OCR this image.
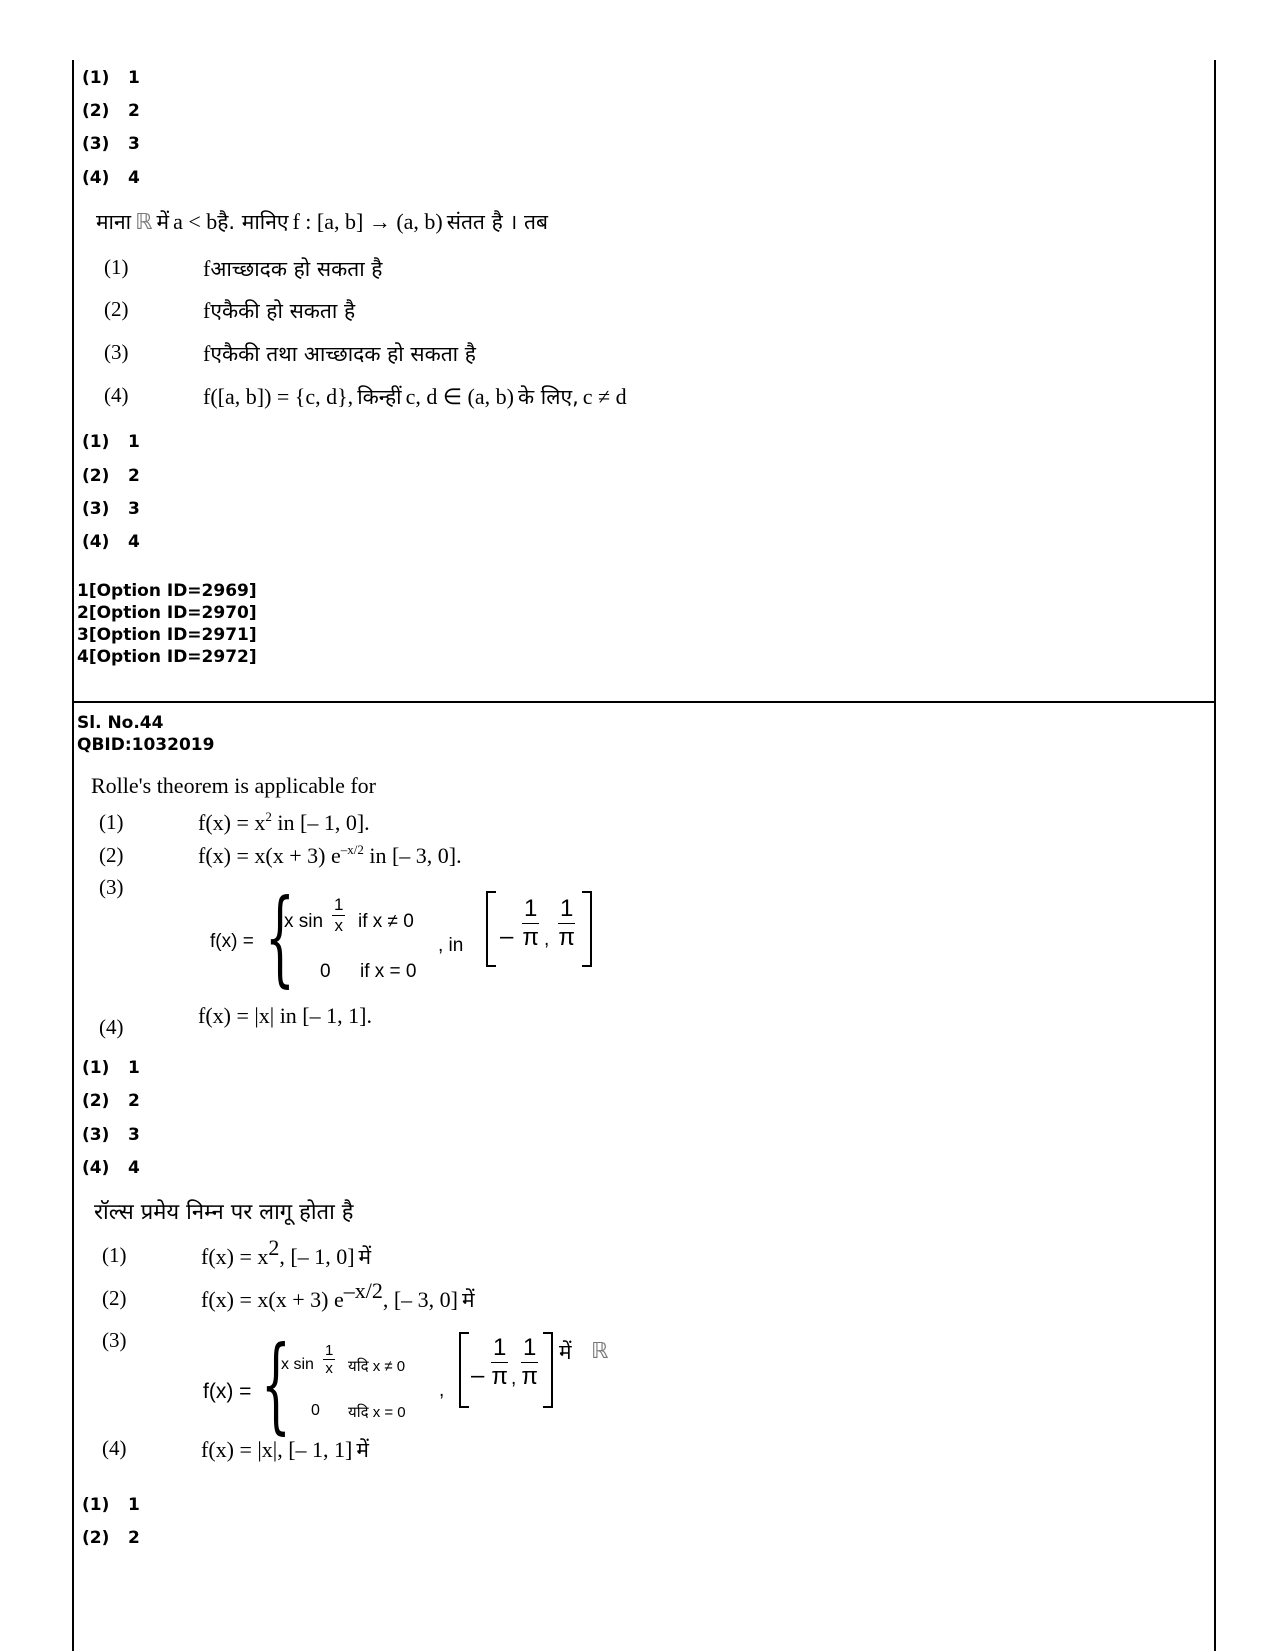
(1) 1
(2) 2
(3) 3
(4) 4
माना ℝ में a < bहै. मानिए f : [a, b] → (a, b) संतत है । तब
(1)	fआच्छादक हो सकता है
(2)	fएकैकी हो सकता है
(3)	fएकैकी तथा आच्छादक हो सकता है
(4)	f([a, b]) = {c, d}, किन्हीं c, d ∈ (a, b) के लिए, c ≠ d
(1) 1
(2) 2
(3) 3
(4) 4
1[Option ID=2969]
2[Option ID=2970]
3[Option ID=2971]
4[Option ID=2972]
Sl. No.44
QBID:1032019
Rolle's theorem is applicable for
(1)	$f(x) = x^2$ in [– 1, 0].
(2)	f(x) = x(x + 3) $e^{-x/2}$ in [– 3, 0].
(3)
f(x) = {
x $\sin \frac{1}{x}$ if x ≠ 0
0 if x = 0
, in – $\frac{1}{\pi}$ , $\frac{1}{\pi}$
(4)	f(x) = |x| in [– 1, 1].
(1) 1
(2) 2
(3) 3
(4) 4
रॉल्स प्रमेय निम्न पर लागू होता है
(1)	$f(x) = x^2$, [– 1, 0] में
(2)	f(x) = x(x + 3) $e^{-x/2}$, [– 3, 0] में
(3)
f(x) = {
x $\sin \frac{1}{x}$ यदि x ≠ 0
0 यदि x = 0
,
– $\frac{1}{\pi}$ , $\frac{1}{\pi}$ में ℝ
(4)	f(x) = |x|, [– 1, 1] में
(1) 1
(2) 2
